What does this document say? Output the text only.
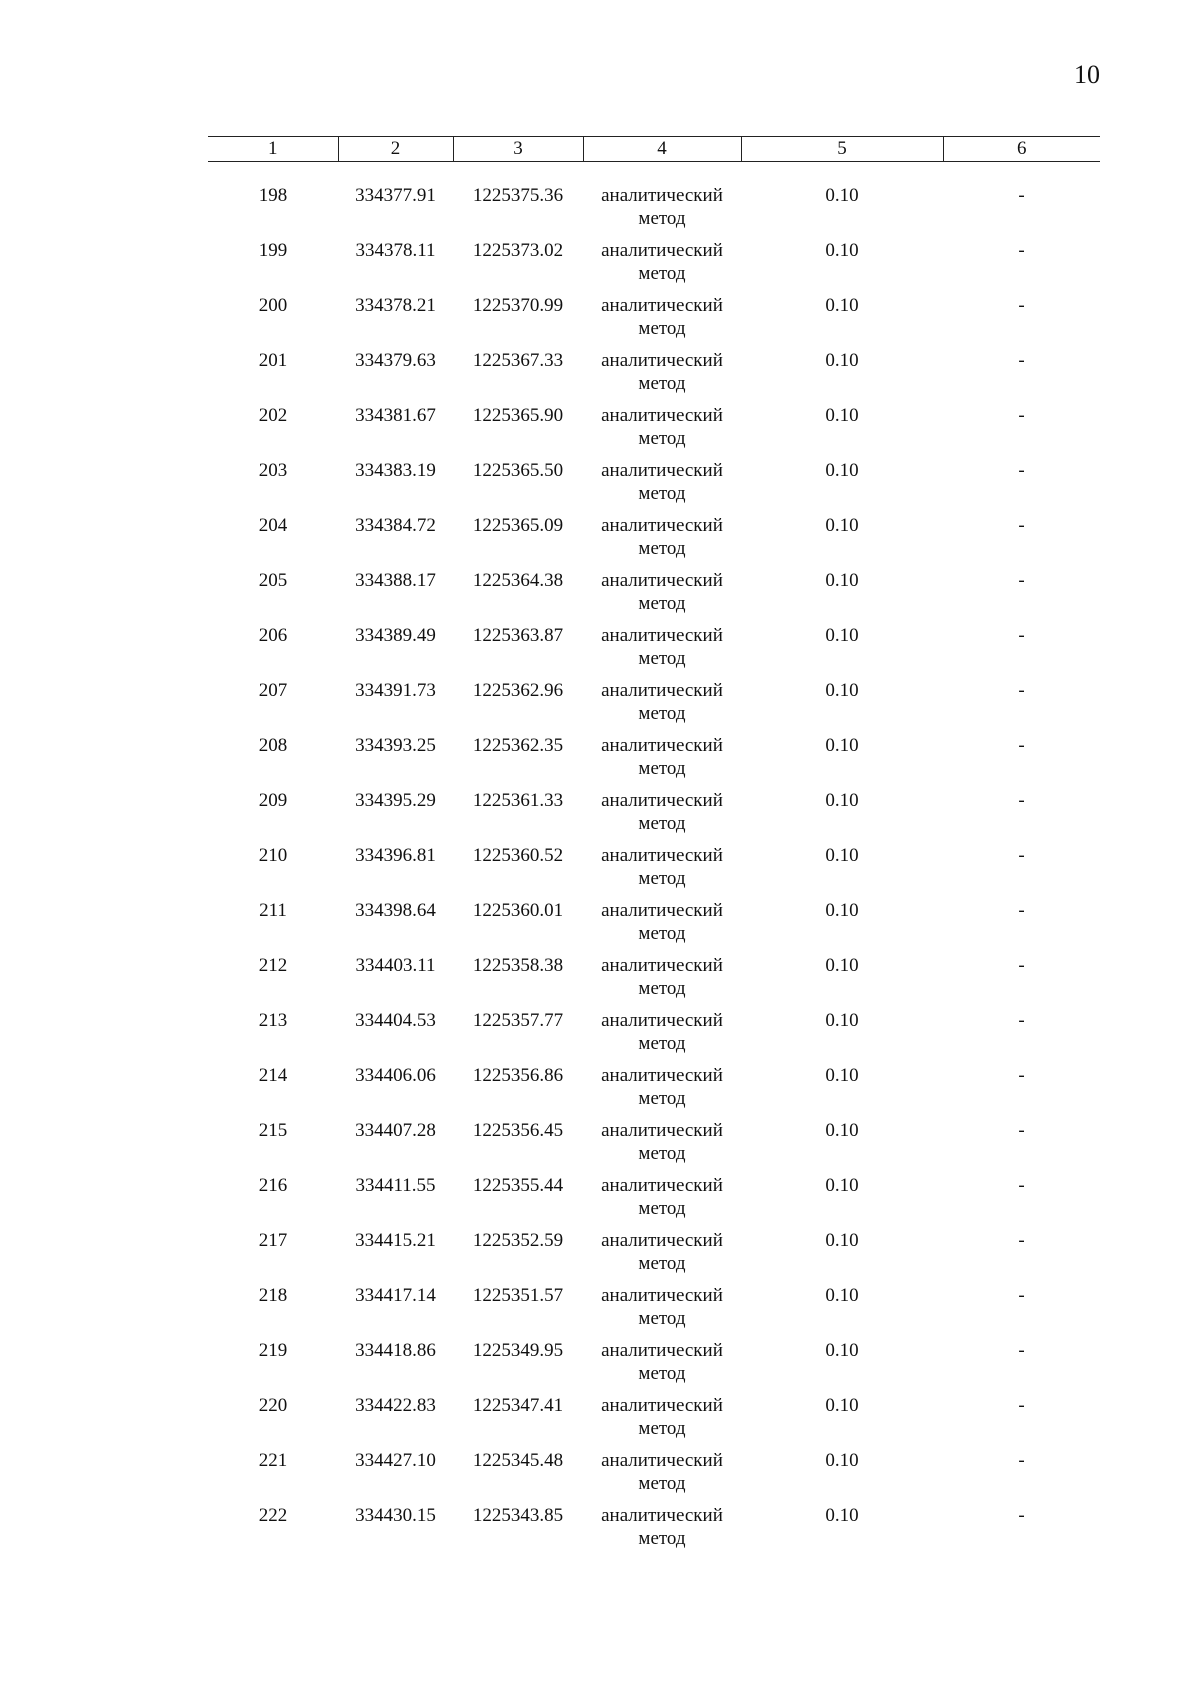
10
1	2	3	4	5	6

198	334377.91	1225375.36	аналитический
метод	0.10	-
199	334378.11	1225373.02	аналитический
метод	0.10	-
200	334378.21	1225370.99	аналитический
метод	0.10	-
201	334379.63	1225367.33	аналитический
метод	0.10	-
202	334381.67	1225365.90	аналитический
метод	0.10	-
203	334383.19	1225365.50	аналитический
метод	0.10	-
204	334384.72	1225365.09	аналитический
метод	0.10	-
205	334388.17	1225364.38	аналитический
метод	0.10	-
206	334389.49	1225363.87	аналитический
метод	0.10	-
207	334391.73	1225362.96	аналитический
метод	0.10	-
208	334393.25	1225362.35	аналитический
метод	0.10	-
209	334395.29	1225361.33	аналитический
метод	0.10	-
210	334396.81	1225360.52	аналитический
метод	0.10	-
211	334398.64	1225360.01	аналитический
метод	0.10	-
212	334403.11	1225358.38	аналитический
метод	0.10	-
213	334404.53	1225357.77	аналитический
метод	0.10	-
214	334406.06	1225356.86	аналитический
метод	0.10	-
215	334407.28	1225356.45	аналитический
метод	0.10	-
216	334411.55	1225355.44	аналитический
метод	0.10	-
217	334415.21	1225352.59	аналитический
метод	0.10	-
218	334417.14	1225351.57	аналитический
метод	0.10	-
219	334418.86	1225349.95	аналитический
метод	0.10	-
220	334422.83	1225347.41	аналитический
метод	0.10	-
221	334427.10	1225345.48	аналитический
метод	0.10	-
222	334430.15	1225343.85	аналитический
метод	0.10	-
